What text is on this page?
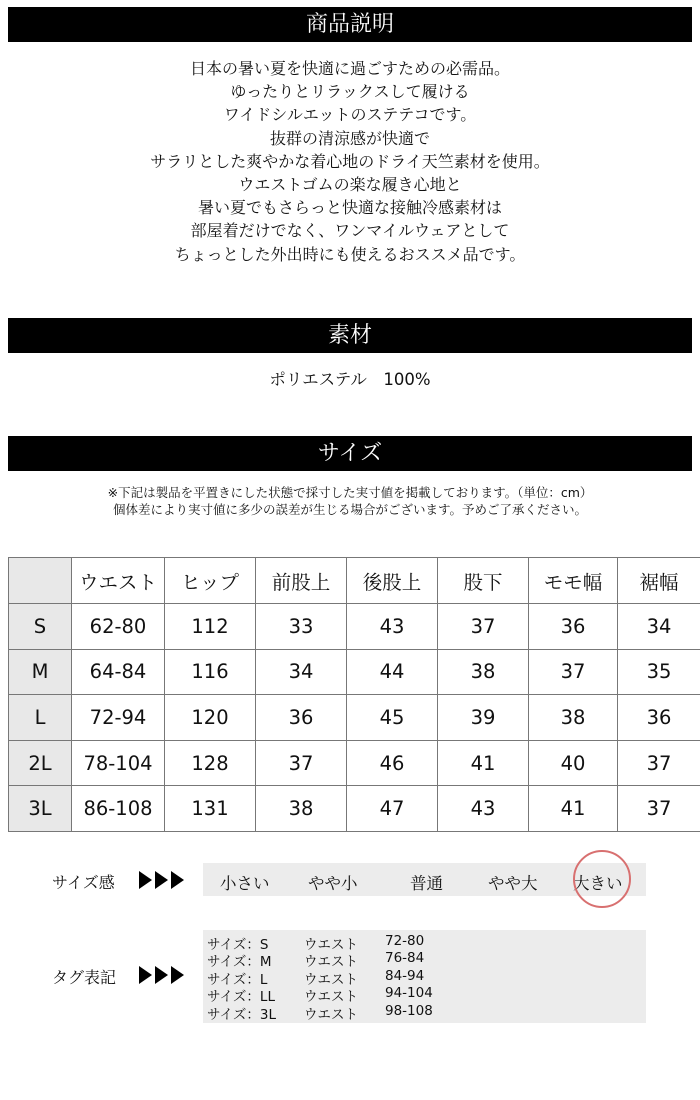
商品説明
日本の暑い夏を快適に過ごすための必需品。
ゆったりとリラックスして履ける
ワイドシルエットのステテコです。
抜群の清涼感が快適で
サラリとした爽やかな着心地のドライ天竺素材を使用。
ウエストゴムの楽な履き心地と
暑い夏でもさらっと快適な接触冷感素材は
部屋着だけでなく、ワンマイルウェアとして
ちょっとした外出時にも使えるおススメ品です。
素材
ポリエステル　100%
サイズ
※下記は製品を平置きにした状態で採寸した実寸値を掲載しております。（単位：cm）
個体差により実寸値に多少の誤差が生じる場合がございます。予めご了承ください。
	ウエスト	ヒップ	前股上	後股上	股下	モモ幅	裾幅
S	62-80	112	33	43	37	36	34
M	64-84	116	34	44	38	37	35
L	72-94	120	36	45	39	38	36
2L	78-104	128	37	46	41	40	37
3L	86-108	131	38	47	43	41	37
サイズ感	小さい やや小	普通	やや大 大きい
タグ表記
サイズ：S	ウエスト 72-80
サイズ：M ウエスト 76-84
サイズ：L	ウエスト 84-94
サイズ：LL ウエスト 94-104
サイズ：3L ウエスト 98-108
